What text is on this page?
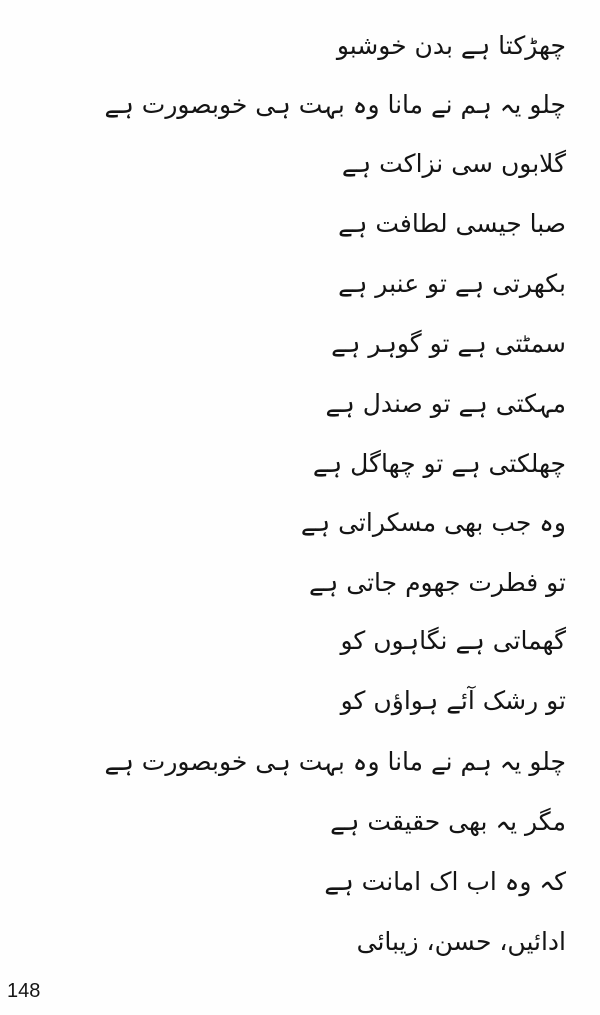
چھڑکتا ہے بدن خوشبو
چلو یہ ہم نے مانا وہ بہت ہی خوبصورت ہے
گلابوں سی نزاکت ہے
صبا جیسی لطافت ہے
بکھرتی ہے تو عنبر ہے
سمٹتی ہے تو گوہر ہے
مہکتی ہے تو صندل ہے
چھلکتی ہے تو چھاگل ہے
وہ جب بھی مسکراتی ہے
تو فطرت جھوم جاتی ہے
گھماتی ہے نگاہوں کو
تو رشک آئے ہواؤں کو
چلو یہ ہم نے مانا وہ بہت ہی خوبصورت ہے
مگر یہ بھی حقیقت ہے
کہ وہ اب اک امانت ہے
ادائیں، حسن، زیبائی
148
